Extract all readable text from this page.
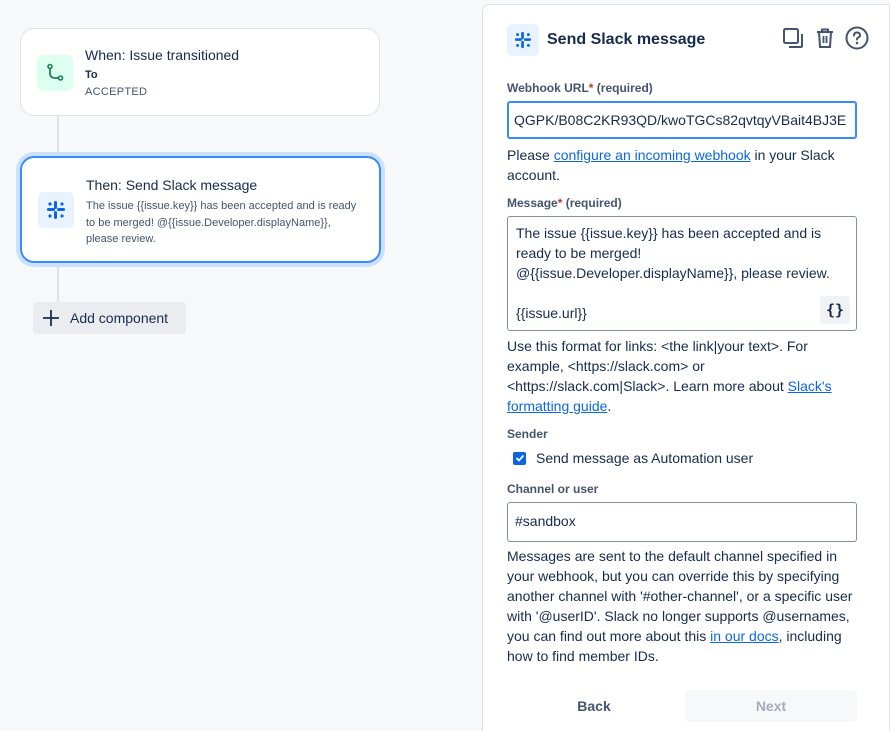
When: Issue transitioned
To
ACCEPTED
Then: Send Slack message
The issue {{issue.key}} has been accepted and is ready to be merged! @{{issue.Developer.displayName}}, please review.
Add component
Send Slack message
Webhook URL* (required)
QGPK/B08C2KR93QD/kwoTGCs82qvtqyVBait4BJ3E
Please configure an incoming webhook in your Slack account.
Message* (required)
The issue {{issue.key}} has been accepted and is ready to be merged!
@{{issue.Developer.displayName}}, please review.
{{issue.url}}	{}
Use this format for links: <the link|your text>. For example, <https://slack.com> or <https://slack.com|Slack>. Learn more about Slack's formatting guide.
Sender
Send message as Automation user
Channel or user
#sandbox
Messages are sent to the default channel specified in your webhook, but you can override this by specifying another channel with '#other-channel', or a specific user with '@userID'. Slack no longer supports @usernames, you can find out more about this in our docs, including how to find member IDs.
Back	Next
